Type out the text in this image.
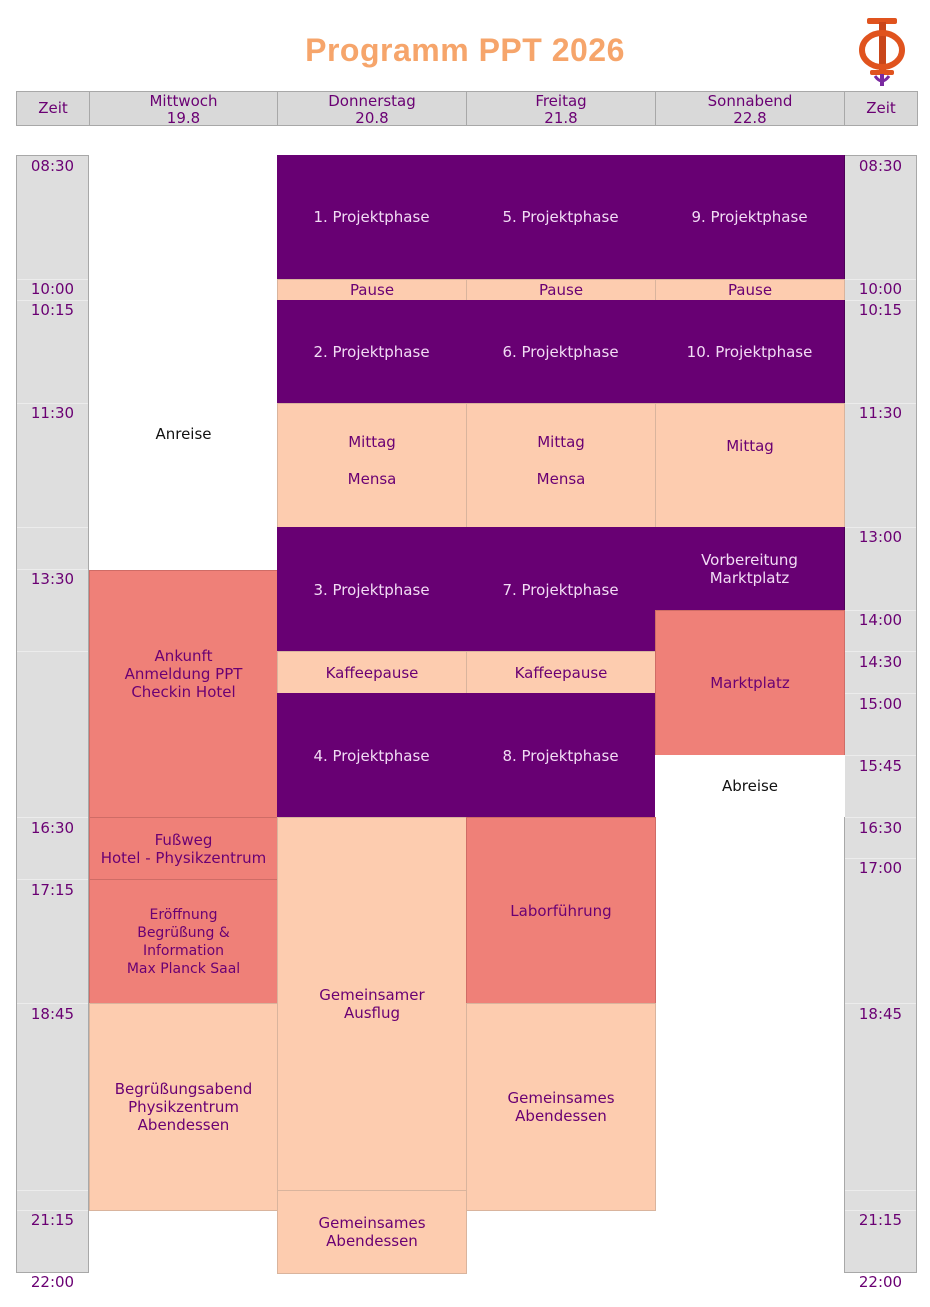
Programm PPT 2026
Zeit	Mittwoch
19.8
Donnerstag
20.8
Freitag
21.8
Sonnabend
22.8
Zeit
08:30
10:00
10:15
11:30
13:30
16:30
17:15
18:45
21:15
22:00
08:30
10:00
10:15
11:30
13:00
14:00
14:30
15:00
15:45
16:30
17:00
18:45
21:15
22:00
Anreise
Ankunft
Anmeldung PPT
Checkin Hotel
Fußweg
Hotel - Physikzentrum
Eröffnung
Begrüßung &
Information
Max Planck Saal
Begrüßungsabend
Physikzentrum
Abendessen
1. Projektphase
Pause
2. Projektphase
Mittag
Mensa
3. Projektphase
Kaffeepause
4. Projektphase
Gemeinsamer
Ausflug
Gemeinsames
Abendessen
5. Projektphase
Pause
6. Projektphase
Mittag
Mensa
7. Projektphase
Kaffeepause
8. Projektphase
Laborführung
Gemeinsames
Abendessen
9. Projektphase
Pause
10. Projektphase
Mittag
Vorbereitung
Marktplatz
Marktplatz
Abreise
